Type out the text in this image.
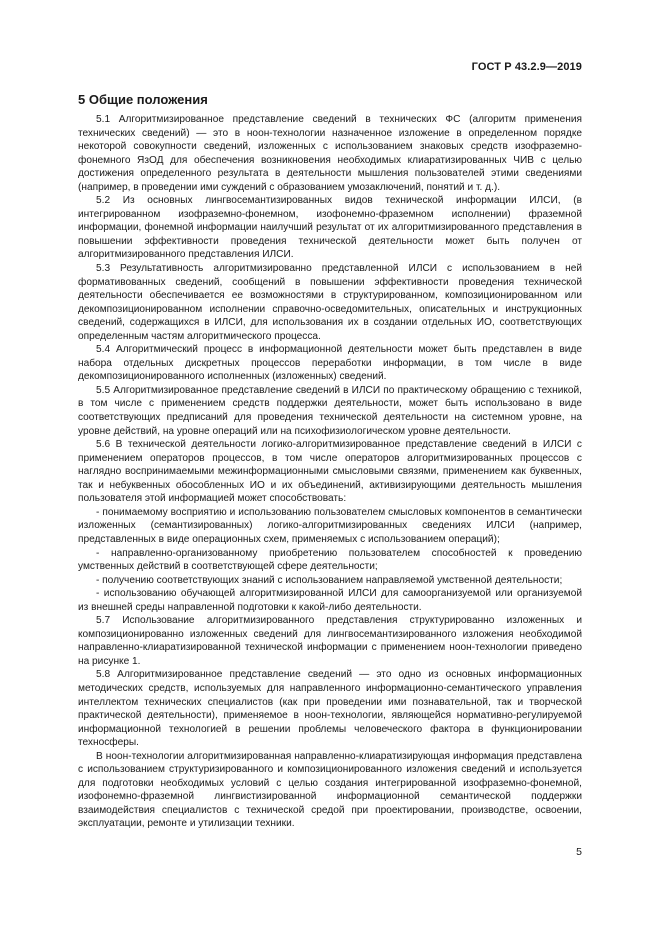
ГОСТ Р 43.2.9—2019
5 Общие положения

5.1 Алгоритмизированное представление сведений в технических ФС (алгоритм применения технических сведений) — это в ноон-технологии назначенное изложение в определенном порядке некоторой совокупности сведений, изложенных с использованием знаковых средств изофраземно-фонемного ЯзОД для обеспечения возникновения необходимых клиаратизированных ЧИВ с целью достижения определенного результата в деятельности мышления пользователей этими сведениями (например, в проведении ими суждений с образованием умозаключений, понятий и т. д.).

5.2 Из основных лингвосемантизированных видов технической информации ИЛСИ, (в интегрированном изофраземно-фонемном, изофонемно-фраземном исполнении) фраземной информации, фонемной информации наилучший результат от их алгоритмизированного представления в повышении эффективности проведения технической деятельности может быть получен от алгоритмизированного представления ИЛСИ.

5.3 Результативность алгоритмизированно представленной ИЛСИ с использованием в ней формативованных сведений, сообщений в повышении эффективности проведения технической деятельности обеспечивается ее возможностями в структурированном, композиционированном или декомпозиционированном исполнении справочно-осведомительных, описательных и инструкционных сведений, содержащихся в ИЛСИ, для использования их в создании отдельных ИО, соответствующих определенным частям алгоритмического процесса.

5.4 Алгоритмический процесс в информационной деятельности может быть представлен в виде набора отдельных дискретных процессов переработки информации, в том числе в виде декомпозиционированного исполненных (изложенных) сведений.

5.5 Алгоритмизированное представление сведений в ИЛСИ по практическому обращению с техникой, в том числе с применением средств поддержки деятельности, может быть использовано в виде соответствующих предписаний для проведения технической деятельности на системном уровне, на уровне действий, на уровне операций или на психофизиологическом уровне деятельности.

5.6 В технической деятельности логико-алгоритмизированное представление сведений в ИЛСИ с применением операторов процессов, в том числе операторов алгоритмизированных процессов с наглядно воспринимаемыми межинформационными смысловыми связями, применением как буквенных, так и небуквенных обособленных ИО и их объединений, активизирующими деятельность мышления пользователя этой информацией может способствовать:

- понимаемому восприятию и использованию пользователем смысловых компонентов в семантически изложенных (семантизированных) логико-алгоритмизированных сведениях ИЛСИ (например, представленных в виде операционных схем, применяемых с использованием операций);

- направленно-организованному приобретению пользователем способностей к проведению умственных действий в соответствующей сфере деятельности;

- получению соответствующих знаний с использованием направляемой умственной деятельности;

- использованию обучающей алгоритмизированной ИЛСИ для самоорганизуемой или организуемой из внешней среды направленной подготовки к какой-либо деятельности.

5.7 Использование алгоритмизированного представления структурированно изложенных и композиционированно изложенных сведений для лингвосемантизированного изложения необходимой направленно-клиаратизированной технической информации с применением ноон-технологии приведено на рисунке 1.

5.8 Алгоритмизированное представление сведений — это одно из основных информационных методических средств, используемых для направленного информационно-семантического управления интеллектом технических специалистов (как при проведении ими познавательной, так и творческой практической деятельности), применяемое в ноон-технологии, являющейся нормативно-регулируемой информационной технологией в решении проблемы человеческого фактора в функционировании техносферы.

В ноон-технологии алгоритмизированная направленно-клиаратизирующая информация представлена с использованием структуризированного и композиционированного изложения сведений и используется для подготовки необходимых условий с целью создания интегрированной изофраземно-фонемной, изофонемно-фраземной лингвистизированной информационной семантической поддержки взаимодействия специалистов с технической средой при проектировании, производстве, освоении, эксплуатации, ремонте и утилизации техники.

5
